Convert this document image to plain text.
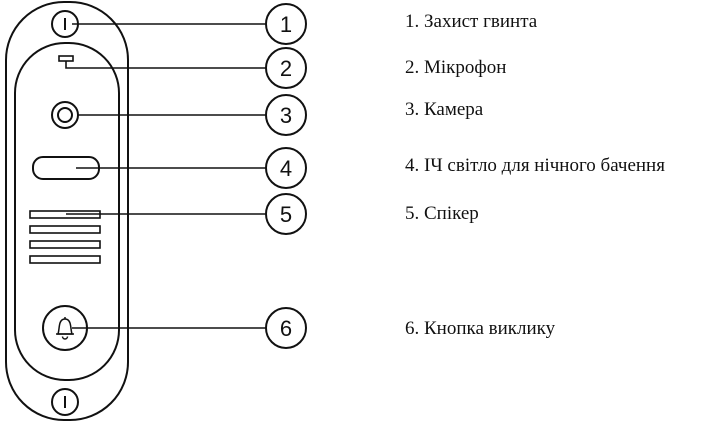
1
2
3
4
5
6
1. Захист гвинта
2. Мікрофон
3. Камера
4. ІЧ світло для нічного бачення
5. Спікер
6. Кнопка виклику
